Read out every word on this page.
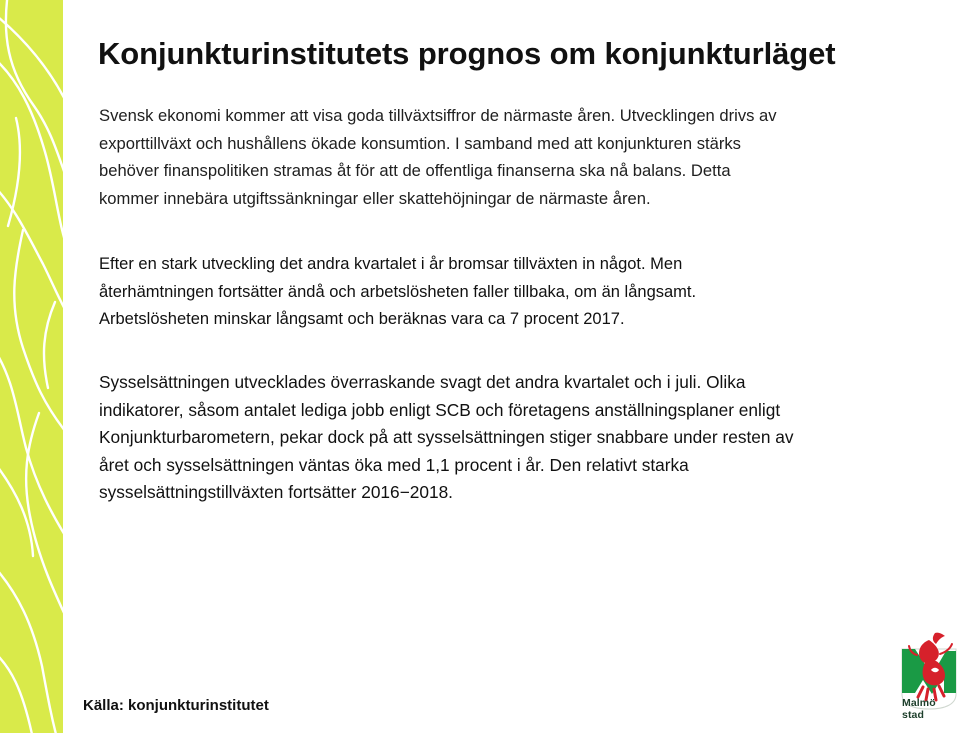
Konjunkturinstitutets prognos om konjunkturläget
Svensk ekonomi kommer att visa goda tillväxtsiffror de närmaste åren. Utvecklingen drivs av
exporttillväxt och hushållens ökade konsumtion. I samband med att konjunkturen stärks
behöver finanspolitiken stramas åt för att de offentliga finanserna ska nå balans. Detta
kommer innebära utgiftssänkningar eller skattehöjningar de närmaste åren.
Efter en stark utveckling det andra kvartalet i år bromsar tillväxten in något. Men
återhämtningen fortsätter ändå och arbetslösheten faller tillbaka, om än långsamt.
Arbetslösheten minskar långsamt och beräknas vara ca 7 procent 2017.
Sysselsättningen utvecklades överraskande svagt det andra kvartalet och i juli. Olika
indikatorer, såsom antalet lediga jobb enligt SCB och företagens anställningsplaner enligt
Konjunkturbarometern, pekar dock på att sysselsättningen stiger snabbare under resten av
året och sysselsättningen väntas öka med 1,1 procent i år. Den relativt starka
sysselsättningstillväxten fortsätter 2016−2018.
Källa: konjunkturinstitutet	Malmö stad
